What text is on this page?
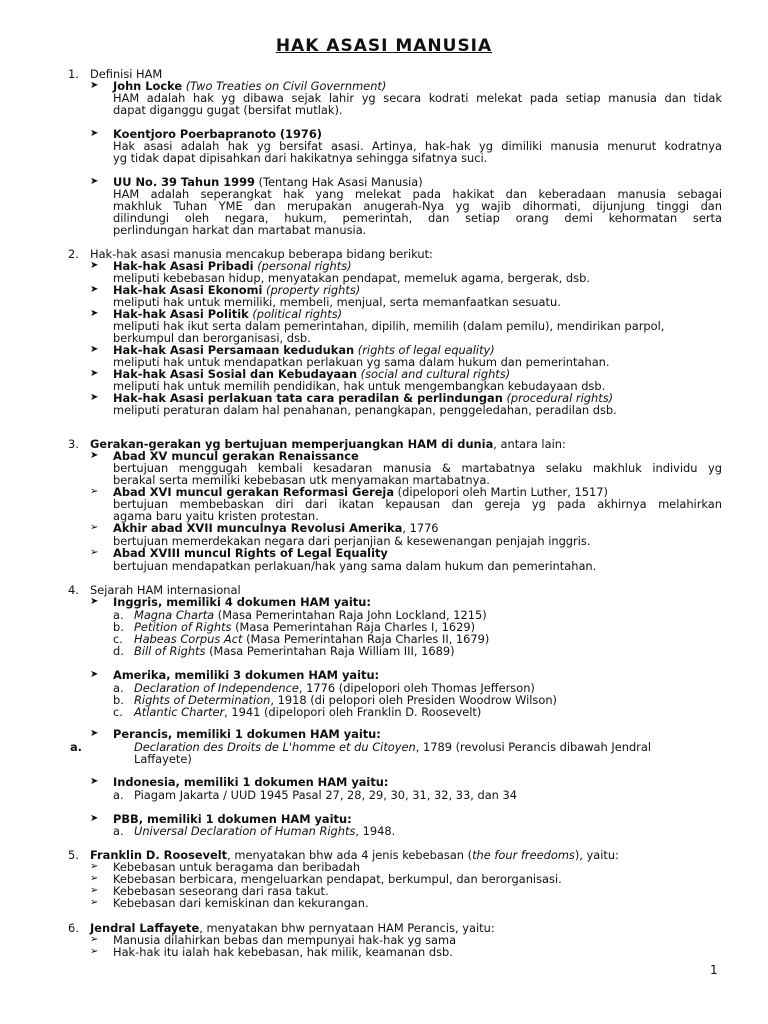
HAK ASASI MANUSIA
1. Definisi HAM
➤ John Locke (Two Treaties on Civil Government)
HAM adalah hak yg dibawa sejak lahir yg secara kodrati melekat pada setiap manusia dan tidak
dapat diganggu gugat (bersifat mutlak).
➤ Koentjoro Poerbapranoto (1976)
Hak asasi adalah hak yg bersifat asasi. Artinya, hak-hak yg dimiliki manusia menurut kodratnya
yg tidak dapat dipisahkan dari hakikatnya sehingga sifatnya suci.
➤ UU No. 39 Tahun 1999 (Tentang Hak Asasi Manusia)
HAM adalah seperangkat hak yang melekat pada hakikat dan keberadaan manusia sebagai
makhluk Tuhan YME dan merupakan anugerah-Nya yg wajib dihormati, dijunjung tinggi dan
dilindungi oleh negara, hukum, pemerintah, dan setiap orang demi kehormatan serta
perlindungan harkat dan martabat manusia.
2. Hak-hak asasi manusia mencakup beberapa bidang berikut:
➤ Hak-hak Asasi Pribadi (personal rights)
meliputi kebebasan hidup, menyatakan pendapat, memeluk agama, bergerak, dsb.
➤ Hak-hak Asasi Ekonomi (property rights)
meliputi hak untuk memiliki, membeli, menjual, serta memanfaatkan sesuatu.
➤ Hak-hak Asasi Politik (political rights)
meliputi hak ikut serta dalam pemerintahan, dipilih, memilih (dalam pemilu), mendirikan parpol,
berkumpul dan berorganisasi, dsb.
➤ Hak-hak Asasi Persamaan kedudukan (rights of legal equality)
meliputi hak untuk mendapatkan perlakuan yg sama dalam hukum dan pemerintahan.
➤ Hak-hak Asasi Sosial dan Kebudayaan (social and cultural rights)
meliputi hak untuk memilih pendidikan, hak untuk mengembangkan kebudayaan dsb.
➤ Hak-hak Asasi perlakuan tata cara peradilan & perlindungan (procedural rights)
meliputi peraturan dalam hal penahanan, penangkapan, penggeledahan, peradilan dsb.
3. Gerakan-gerakan yg bertujuan memperjuangkan HAM di dunia, antara lain:
➤ Abad XV muncul gerakan Renaissance
bertujuan menggugah kembali kesadaran manusia & martabatnya selaku makhluk individu yg
berakal serta memiliki kebebasan utk menyamakan martabatnya.
➢ Abad XVI muncul gerakan Reformasi Gereja (dipelopori oleh Martin Luther, 1517)
bertujuan membebaskan diri dari ikatan kepausan dan gereja yg pada akhirnya melahirkan
agama baru yaitu kristen protestan.
➢ Akhir abad XVII munculnya Revolusi Amerika, 1776
bertujuan memerdekakan negara dari perjanjian & kesewenangan penjajah inggris.
➢ Abad XVIII muncul Rights of Legal Equality
bertujuan mendapatkan perlakuan/hak yang sama dalam hukum dan pemerintahan.
4. Sejarah HAM internasional
➤ Inggris, memiliki 4 dokumen HAM yaitu:
a. Magna Charta (Masa Pemerintahan Raja John Lockland, 1215)
b. Petition of Rights (Masa Pemerintahan Raja Charles I, 1629)
c. Habeas Corpus Act (Masa Pemerintahan Raja Charles II, 1679)
d. Bill of Rights (Masa Pemerintahan Raja William III, 1689)
➤ Amerika, memiliki 3 dokumen HAM yaitu:
a. Declaration of Independence, 1776 (dipelopori oleh Thomas Jefferson)
b. Rights of Determination, 1918 (di pelopori oleh Presiden Woodrow Wilson)
c. Atlantic Charter, 1941 (dipelopori oleh Franklin D. Roosevelt)
➤ Perancis, memiliki 1 dokumen HAM yaitu:
a.	Declaration des Droits de L'homme et du Citoyen, 1789 (revolusi Perancis dibawah Jendral
Laffayete)
➤ Indonesia, memiliki 1 dokumen HAM yaitu:
a. Piagam Jakarta / UUD 1945 Pasal 27, 28, 29, 30, 31, 32, 33, dan 34
➤ PBB, memiliki 1 dokumen HAM yaitu:
a. Universal Declaration of Human Rights, 1948.
5. Franklin D. Roosevelt, menyatakan bhw ada 4 jenis kebebasan (the four freedoms), yaitu:
➢ Kebebasan untuk beragama dan beribadah
➢ Kebebasan berbicara, mengeluarkan pendapat, berkumpul, dan berorganisasi.
➢ Kebebasan seseorang dari rasa takut.
➢ Kebebasan dari kemiskinan dan kekurangan.
6. Jendral Laffayete, menyatakan bhw pernyataan HAM Perancis, yaitu:
➢ Manusia dilahirkan bebas dan mempunyai hak-hak yg sama
➢ Hak-hak itu ialah hak kebebasan, hak milik, keamanan dsb.
1
